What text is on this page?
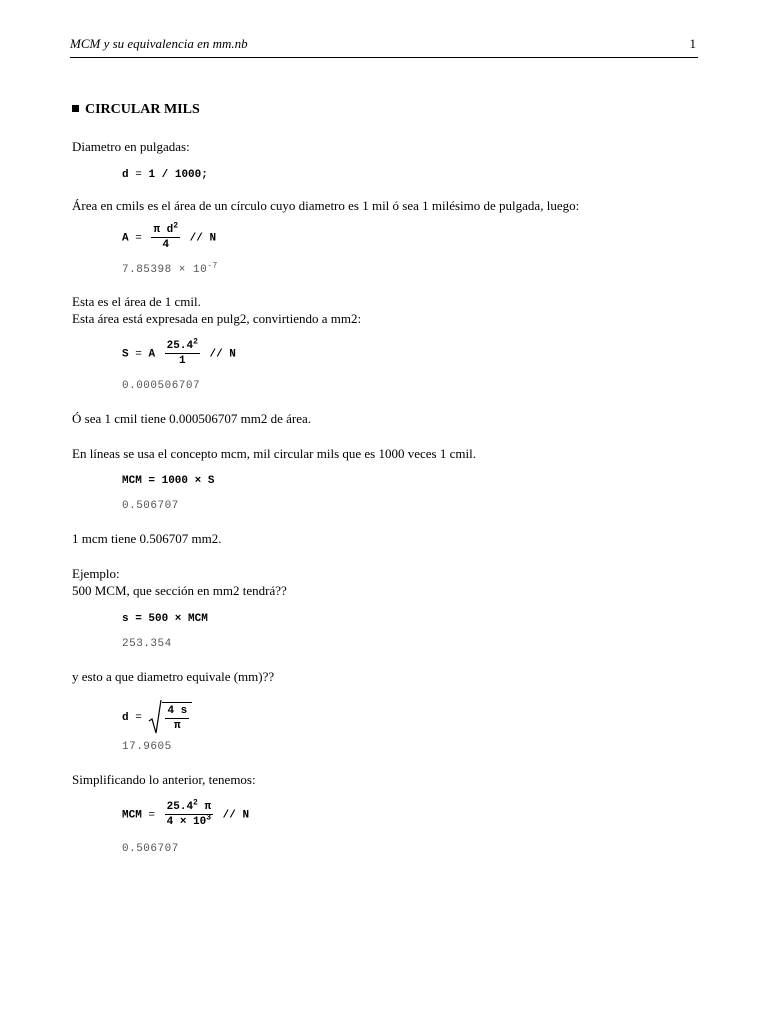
MCM y su equivalencia en mm.nb	1
CIRCULAR MILS
Diametro en pulgadas:
d = 1 / 1000;
Área en cmils es el área de un círculo cuyo diametro es 1 mil ó sea 1 milésimo de pulgada, luego:
$A = \frac{\pi d^2}{4} // N$
$7.85398 \times 10^{-7}$
Esta es el área de 1 cmil.
Esta área está expresada en pulg2, convirtiendo a mm2:
S = A $\frac{25.4^2}{1}$ // N
0.000506707
Ó sea 1 cmil tiene 0.000506707 mm2 de área.
En líneas se usa el concepto mcm, mil circular mils que es 1000 veces 1 cmil.
MCM = 1000 × S
0.506707
1 mcm tiene 0.506707 mm2.
Ejemplo:
500 MCM, que sección en mm2 tendrá??
s = 500 × MCM
253.354
y esto a que diametro equivale (mm)??
$d = \frac{4 s}{\pi}$
17.9605
Simplificando lo anterior, tenemos:
MCM = $\frac{25.4^2 \pi}{4 \times 10^3}$ // N
0.506707
